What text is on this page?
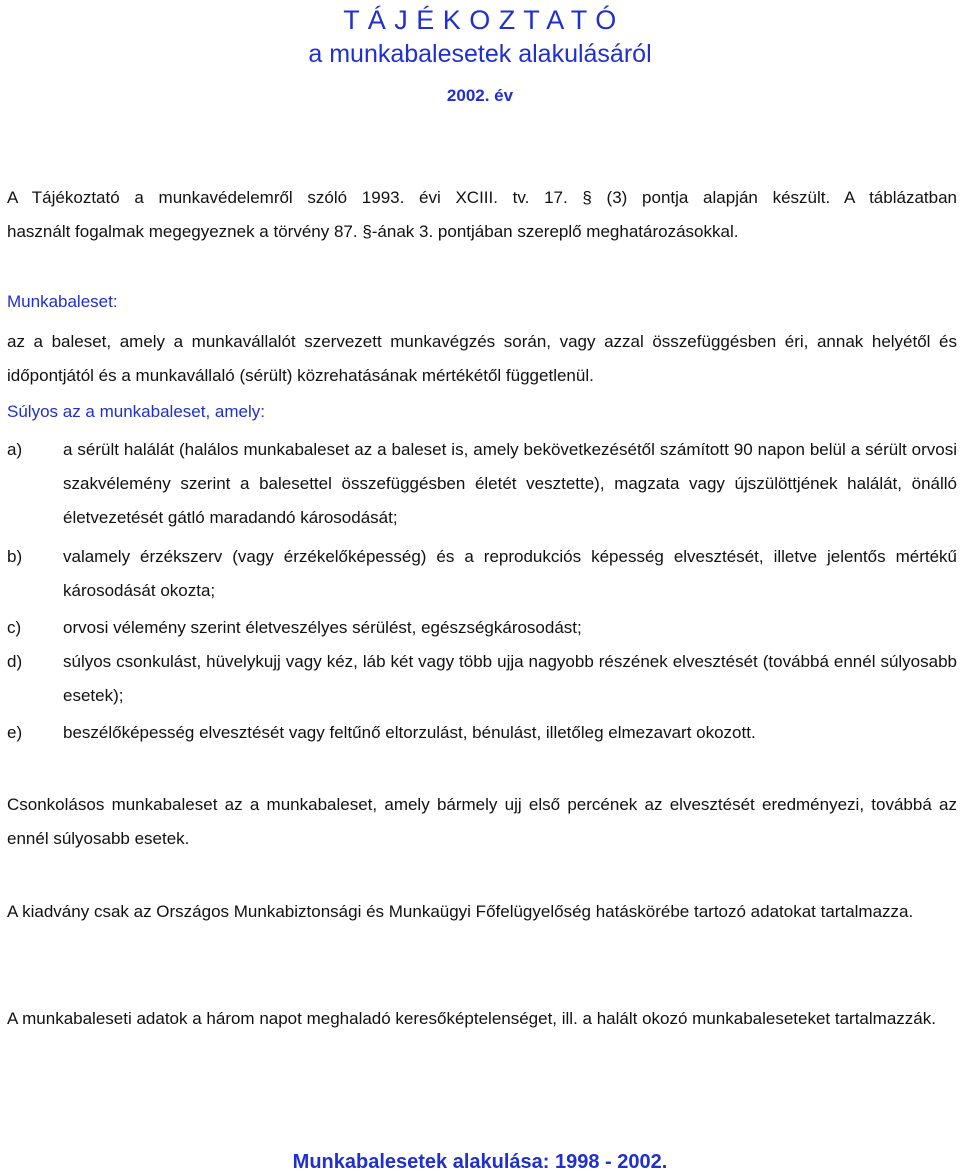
T Á J É K O Z T A T Ó
a munkabalesetek alakulásáról
2002. év
A Tájékoztató a munkavédelemről szóló 1993. évi XCIII. tv. 17. § (3) pontja alapján készült. A táblázatban
használt fogalmak megegyeznek a törvény 87. §-ának 3. pontjában szereplő meghatározásokkal.
Munkabaleset:

az a baleset, amely a munkavállalót szervezett munkavégzés során, vagy azzal összefüggésben éri, annak helyétől és időpontjától és a munkavállaló (sérült) közrehatásának mértékétől függetlenül.

Súlyos az a munkabaleset, amely:
a)	a sérült halálát (halálos munkabaleset az a baleset is, amely bekövetkezésétől számított 90 napon belül a sérült orvosi szakvélemény szerint a balesettel összefüggésben életét vesztette), magzata vagy újszülöttjének halálát, önálló életvezetését gátló maradandó károsodását;
b)	valamely érzékszerv (vagy érzékelőképesség) és a reprodukciós képesség elvesztését, illetve jelentős mértékű károsodását okozta;
c)	orvosi vélemény szerint életveszélyes sérülést, egészségkárosodást;
d)	súlyos csonkulást, hüvelykujj vagy kéz, láb két vagy több ujja nagyobb részének elvesztését (továbbá ennél súlyosabb esetek);
e)	beszélőképesség elvesztését vagy feltűnő eltorzulást, bénulást, illetőleg elmezavart okozott.

Csonkolásos munkabaleset az a munkabaleset, amely bármely ujj első percének az elvesztését eredményezi, továbbá az ennél súlyosabb esetek.

A kiadvány csak az Országos Munkabiztonsági és Munkaügyi Főfelügyelőség hatáskörébe tartozó adatokat tartalmazza.

A munkabaleseti adatok a három napot meghaladó keresőképtelenséget, ill. a halált okozó munkabaleseteket tartalmazzák.

Munkabalesetek alakulása: 1998 - 2002.
